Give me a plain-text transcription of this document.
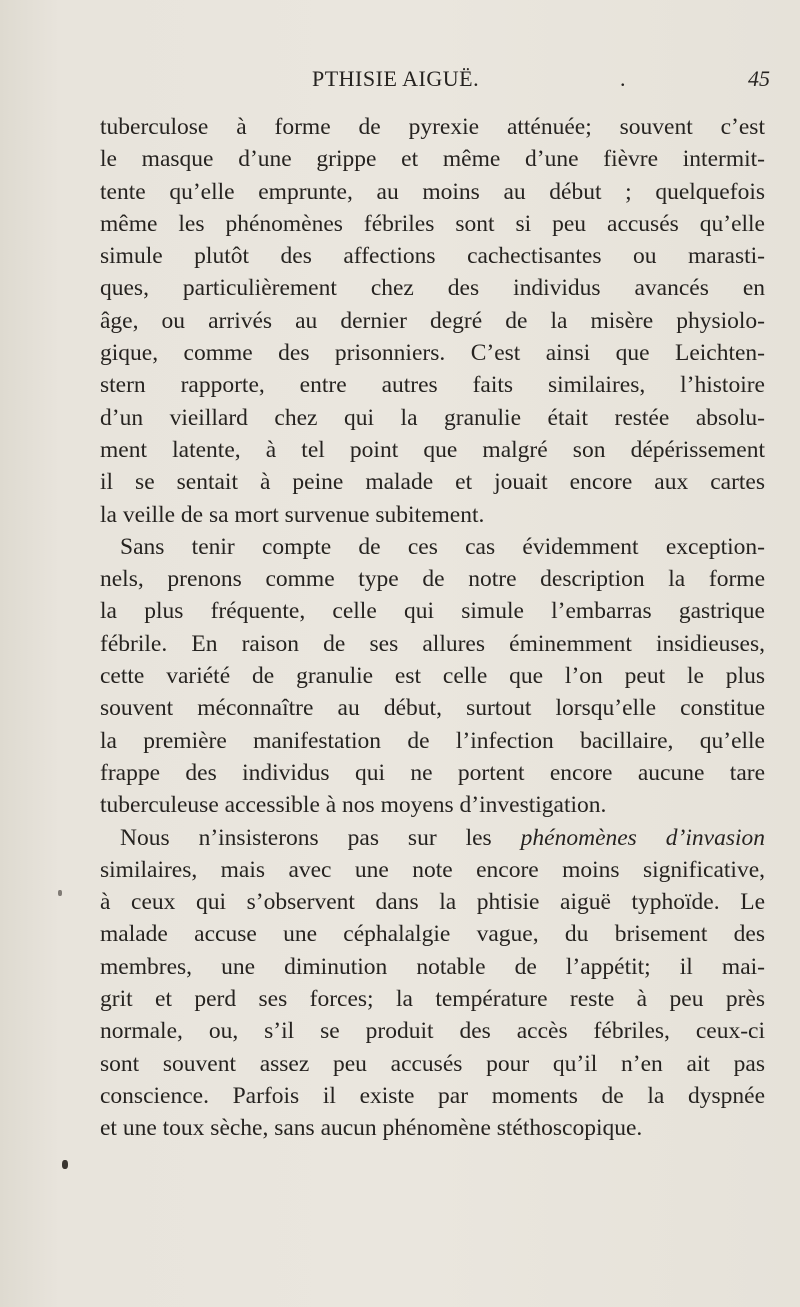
PTHISIE AIGUË.	.	45
tuberculose à forme de pyrexie atténuée; souvent c’est
le masque d’une grippe et même d’une fièvre intermit-
tente qu’elle emprunte, au moins au début ; quelquefois
même les phénomènes fébriles sont si peu accusés qu’elle
simule plutôt des affections cachectisantes ou marasti-
ques, particulièrement chez des individus avancés en
âge, ou arrivés au dernier degré de la misère physiolo-
gique, comme des prisonniers. C’est ainsi que Leichten-
stern rapporte, entre autres faits similaires, l’histoire
d’un vieillard chez qui la granulie était restée absolu-
ment latente, à tel point que malgré son dépérissement
il se sentait à peine malade et jouait encore aux cartes
la veille de sa mort survenue subitement.
Sans tenir compte de ces cas évidemment exception-
nels, prenons comme type de notre description la forme
la plus fréquente, celle qui simule l’embarras gastrique
fébrile. En raison de ses allures éminemment insidieuses,
cette variété de granulie est celle que l’on peut le plus
souvent méconnaître au début, surtout lorsqu’elle constitue
la première manifestation de l’infection bacillaire, qu’elle
frappe des individus qui ne portent encore aucune tare
tuberculeuse accessible à nos moyens d’investigation.
Nous n’insisterons pas sur les phénomènes d’invasion
similaires, mais avec une note encore moins significative,
à ceux qui s’observent dans la phtisie aiguë typhoïde. Le
malade accuse une céphalalgie vague, du brisement des
membres, une diminution notable de l’appétit; il mai-
grit et perd ses forces; la température reste à peu près
normale, ou, s’il se produit des accès fébriles, ceux-ci
sont souvent assez peu accusés pour qu’il n’en ait pas
conscience. Parfois il existe par moments de la dyspnée
et une toux sèche, sans aucun phénomène stéthoscopique.
